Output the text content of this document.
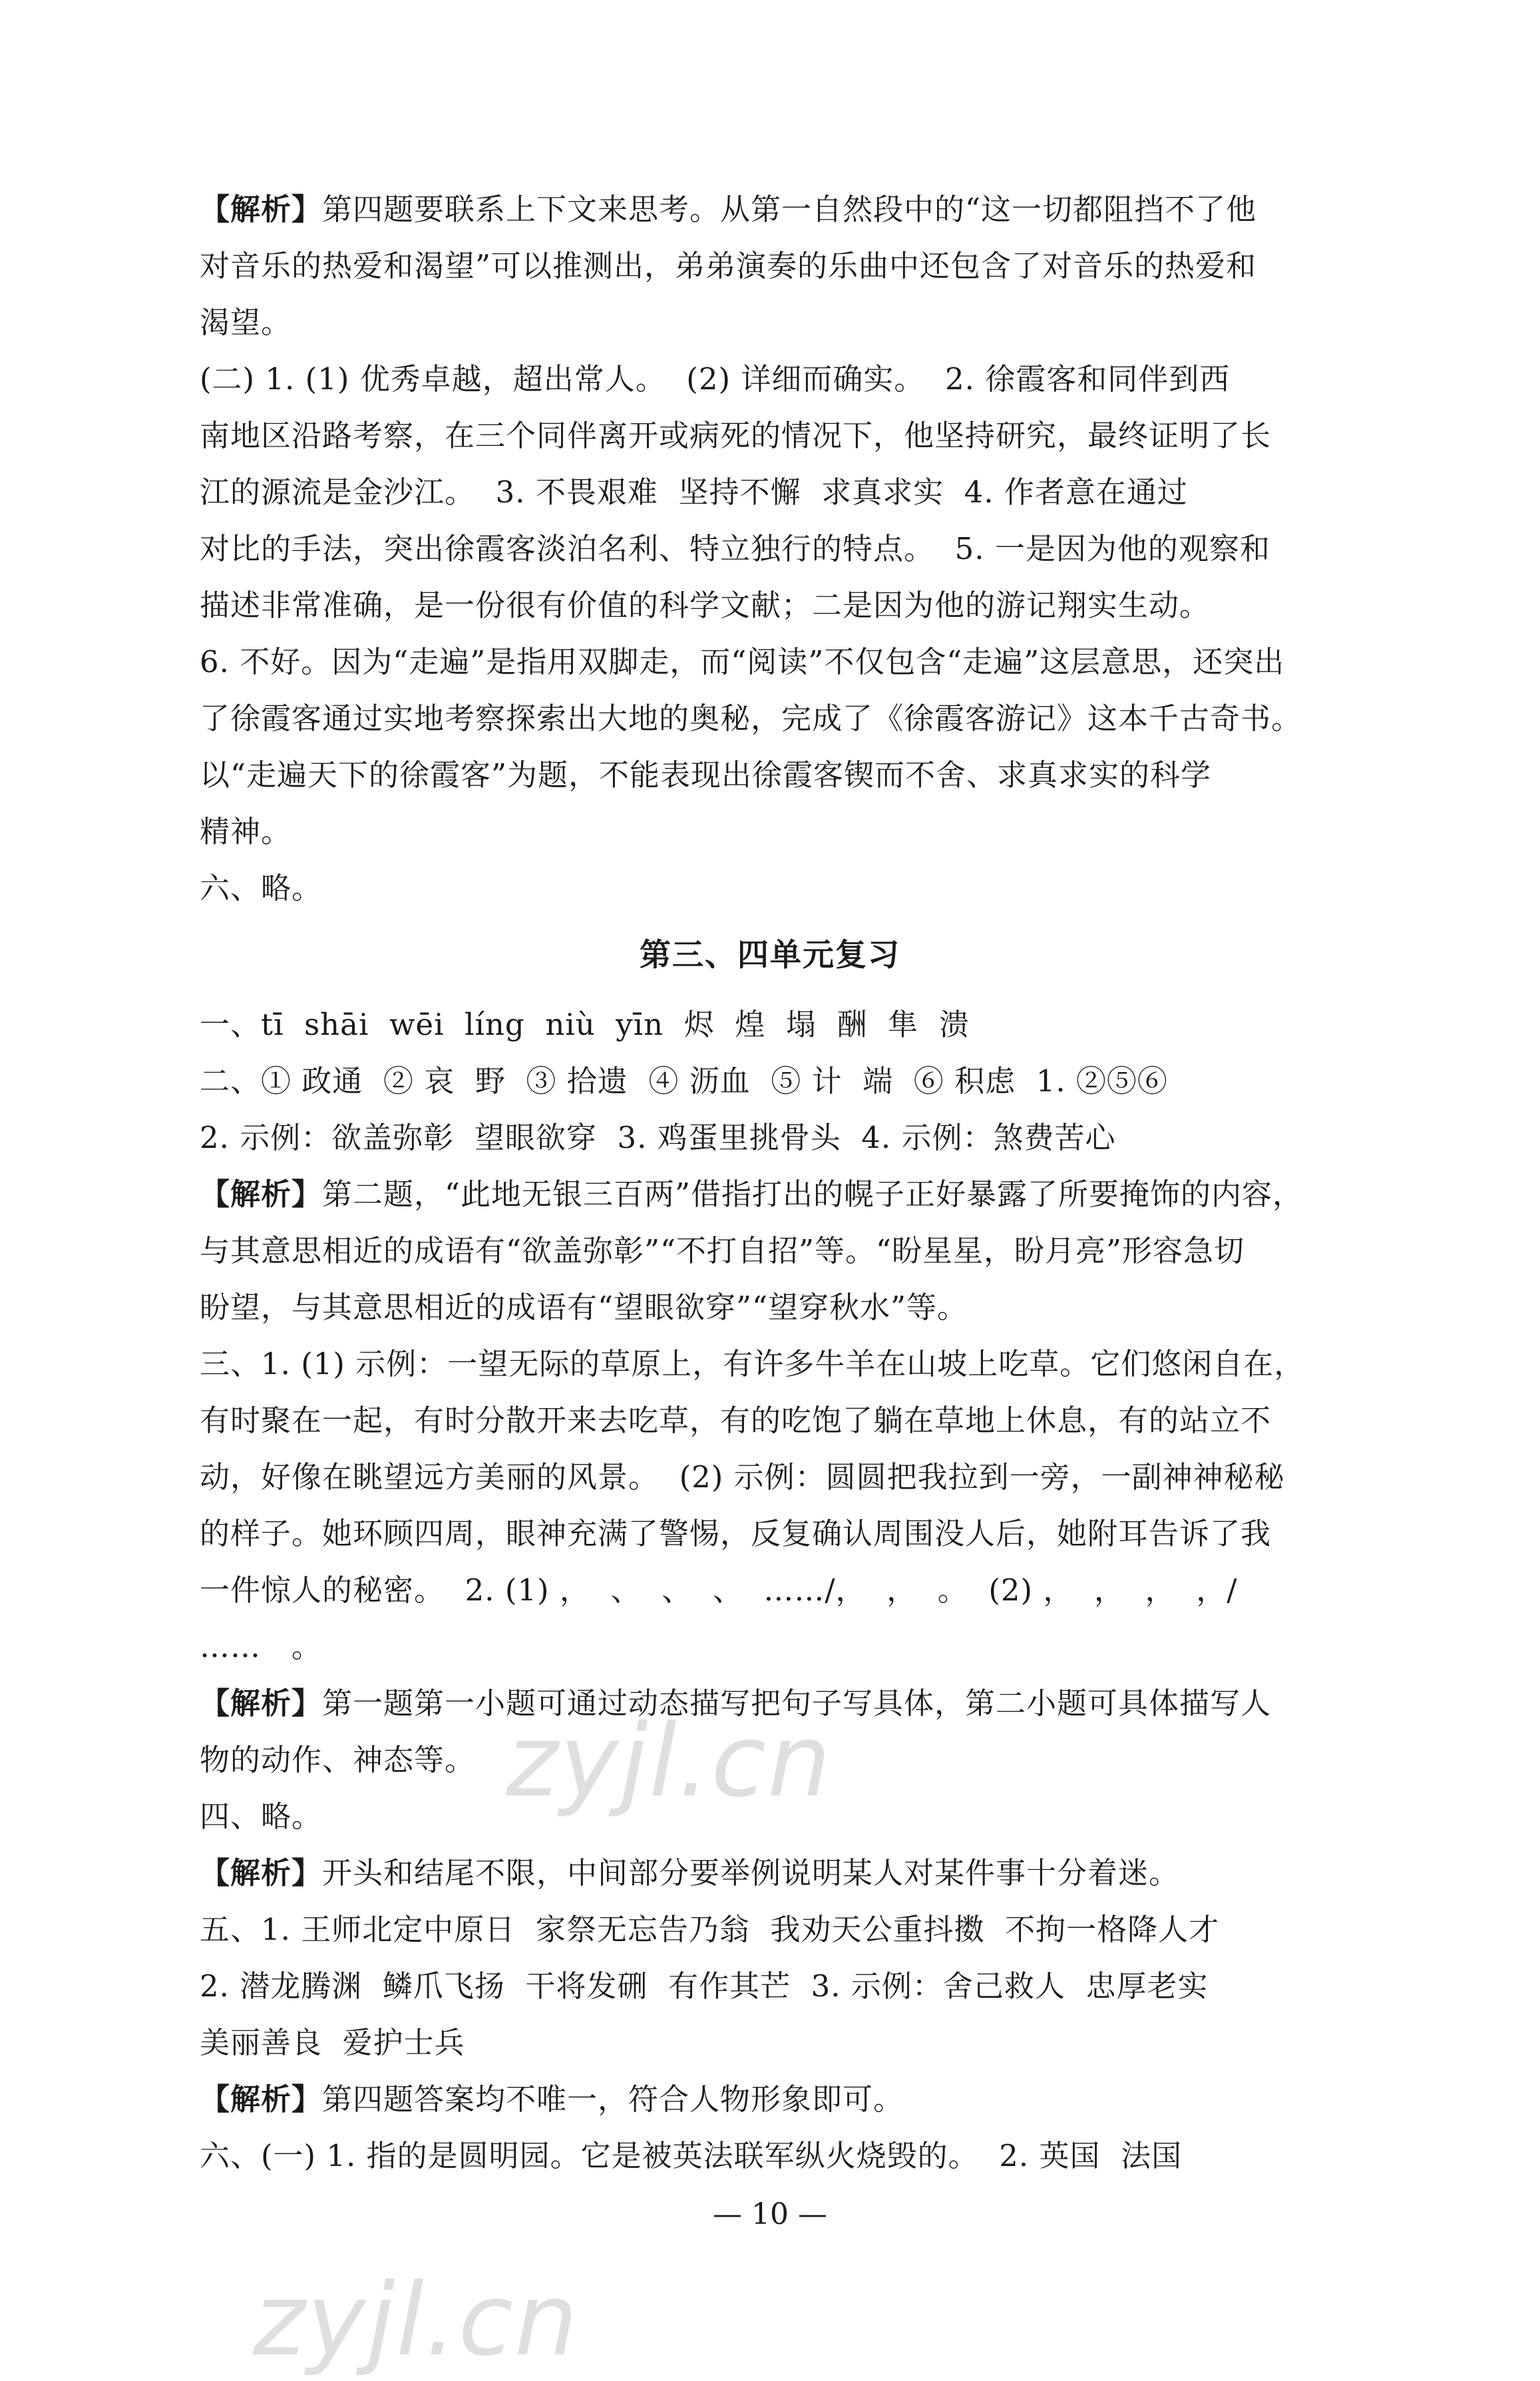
【解析】第四题要联系上下文来思考。从第一自然段中的“这一切都阻挡不了他
对音乐的热爱和渴望”可以推测出，弟弟演奏的乐曲中还包含了对音乐的热爱和
渴望。
(二) 1. (1) 优秀卓越，超出常人。  (2) 详细而确实。  2. 徐霞客和同伴到西
南地区沿路考察，在三个同伴离开或病死的情况下，他坚持研究，最终证明了长
江的源流是金沙江。  3. 不畏艰难  坚持不懈  求真求实  4. 作者意在通过
对比的手法，突出徐霞客淡泊名利、特立独行的特点。  5. 一是因为他的观察和
描述非常准确，是一份很有价值的科学文献；二是因为他的游记翔实生动。
6. 不好。因为“走遍”是指用双脚走，而“阅读”不仅包含“走遍”这层意思，还突出
了徐霞客通过实地考察探索出大地的奥秘，完成了《徐霞客游记》这本千古奇书。
以“走遍天下的徐霞客”为题，不能表现出徐霞客锲而不舍、求真求实的科学
精神。
六、略。
第三、四单元复习
一、tī  shāi  wēi  líng  niù  yīn  烬  煌  塌  酬  隼  溃
二、① 政通  ② 哀  野  ③ 拾遗  ④ 沥血  ⑤ 计  端  ⑥ 积虑  1. ②⑤⑥
2. 示例：欲盖弥彰  望眼欲穿  3. 鸡蛋里挑骨头  4. 示例：煞费苦心
【解析】第二题，“此地无银三百两”借指打出的幌子正好暴露了所要掩饰的内容，
与其意思相近的成语有“欲盖弥彰”“不打自招”等。“盼星星，盼月亮”形容急切
盼望，与其意思相近的成语有“望眼欲穿”“望穿秋水”等。
三、1. (1) 示例：一望无际的草原上，有许多牛羊在山坡上吃草。它们悠闲自在，
有时聚在一起，有时分散开来去吃草，有的吃饱了躺在草地上休息，有的站立不
动，好像在眺望远方美丽的风景。  (2) 示例：圆圆把我拉到一旁，一副神神秘秘
的样子。她环顾四周，眼神充满了警惕，反复确认周围没人后，她附耳告诉了我
一件惊人的秘密。  2. (1) ，  、  、  、  ……/，  ，  。  (2) ，  ，  ，  ，/
……   。
【解析】第一题第一小题可通过动态描写把句子写具体，第二小题可具体描写人
物的动作、神态等。
四、略。
【解析】开头和结尾不限，中间部分要举例说明某人对某件事十分着迷。
五、1. 王师北定中原日  家祭无忘告乃翁  我劝天公重抖擞  不拘一格降人才
2. 潜龙腾渊  鳞爪飞扬  干将发硎  有作其芒  3. 示例：舍己救人  忠厚老实
美丽善良  爱护士兵
【解析】第四题答案均不唯一，符合人物形象即可。
六、(一) 1. 指的是圆明园。它是被英法联军纵火烧毁的。  2. 英国  法国
— 10 —
zyjl.cn
zyjl.cn
